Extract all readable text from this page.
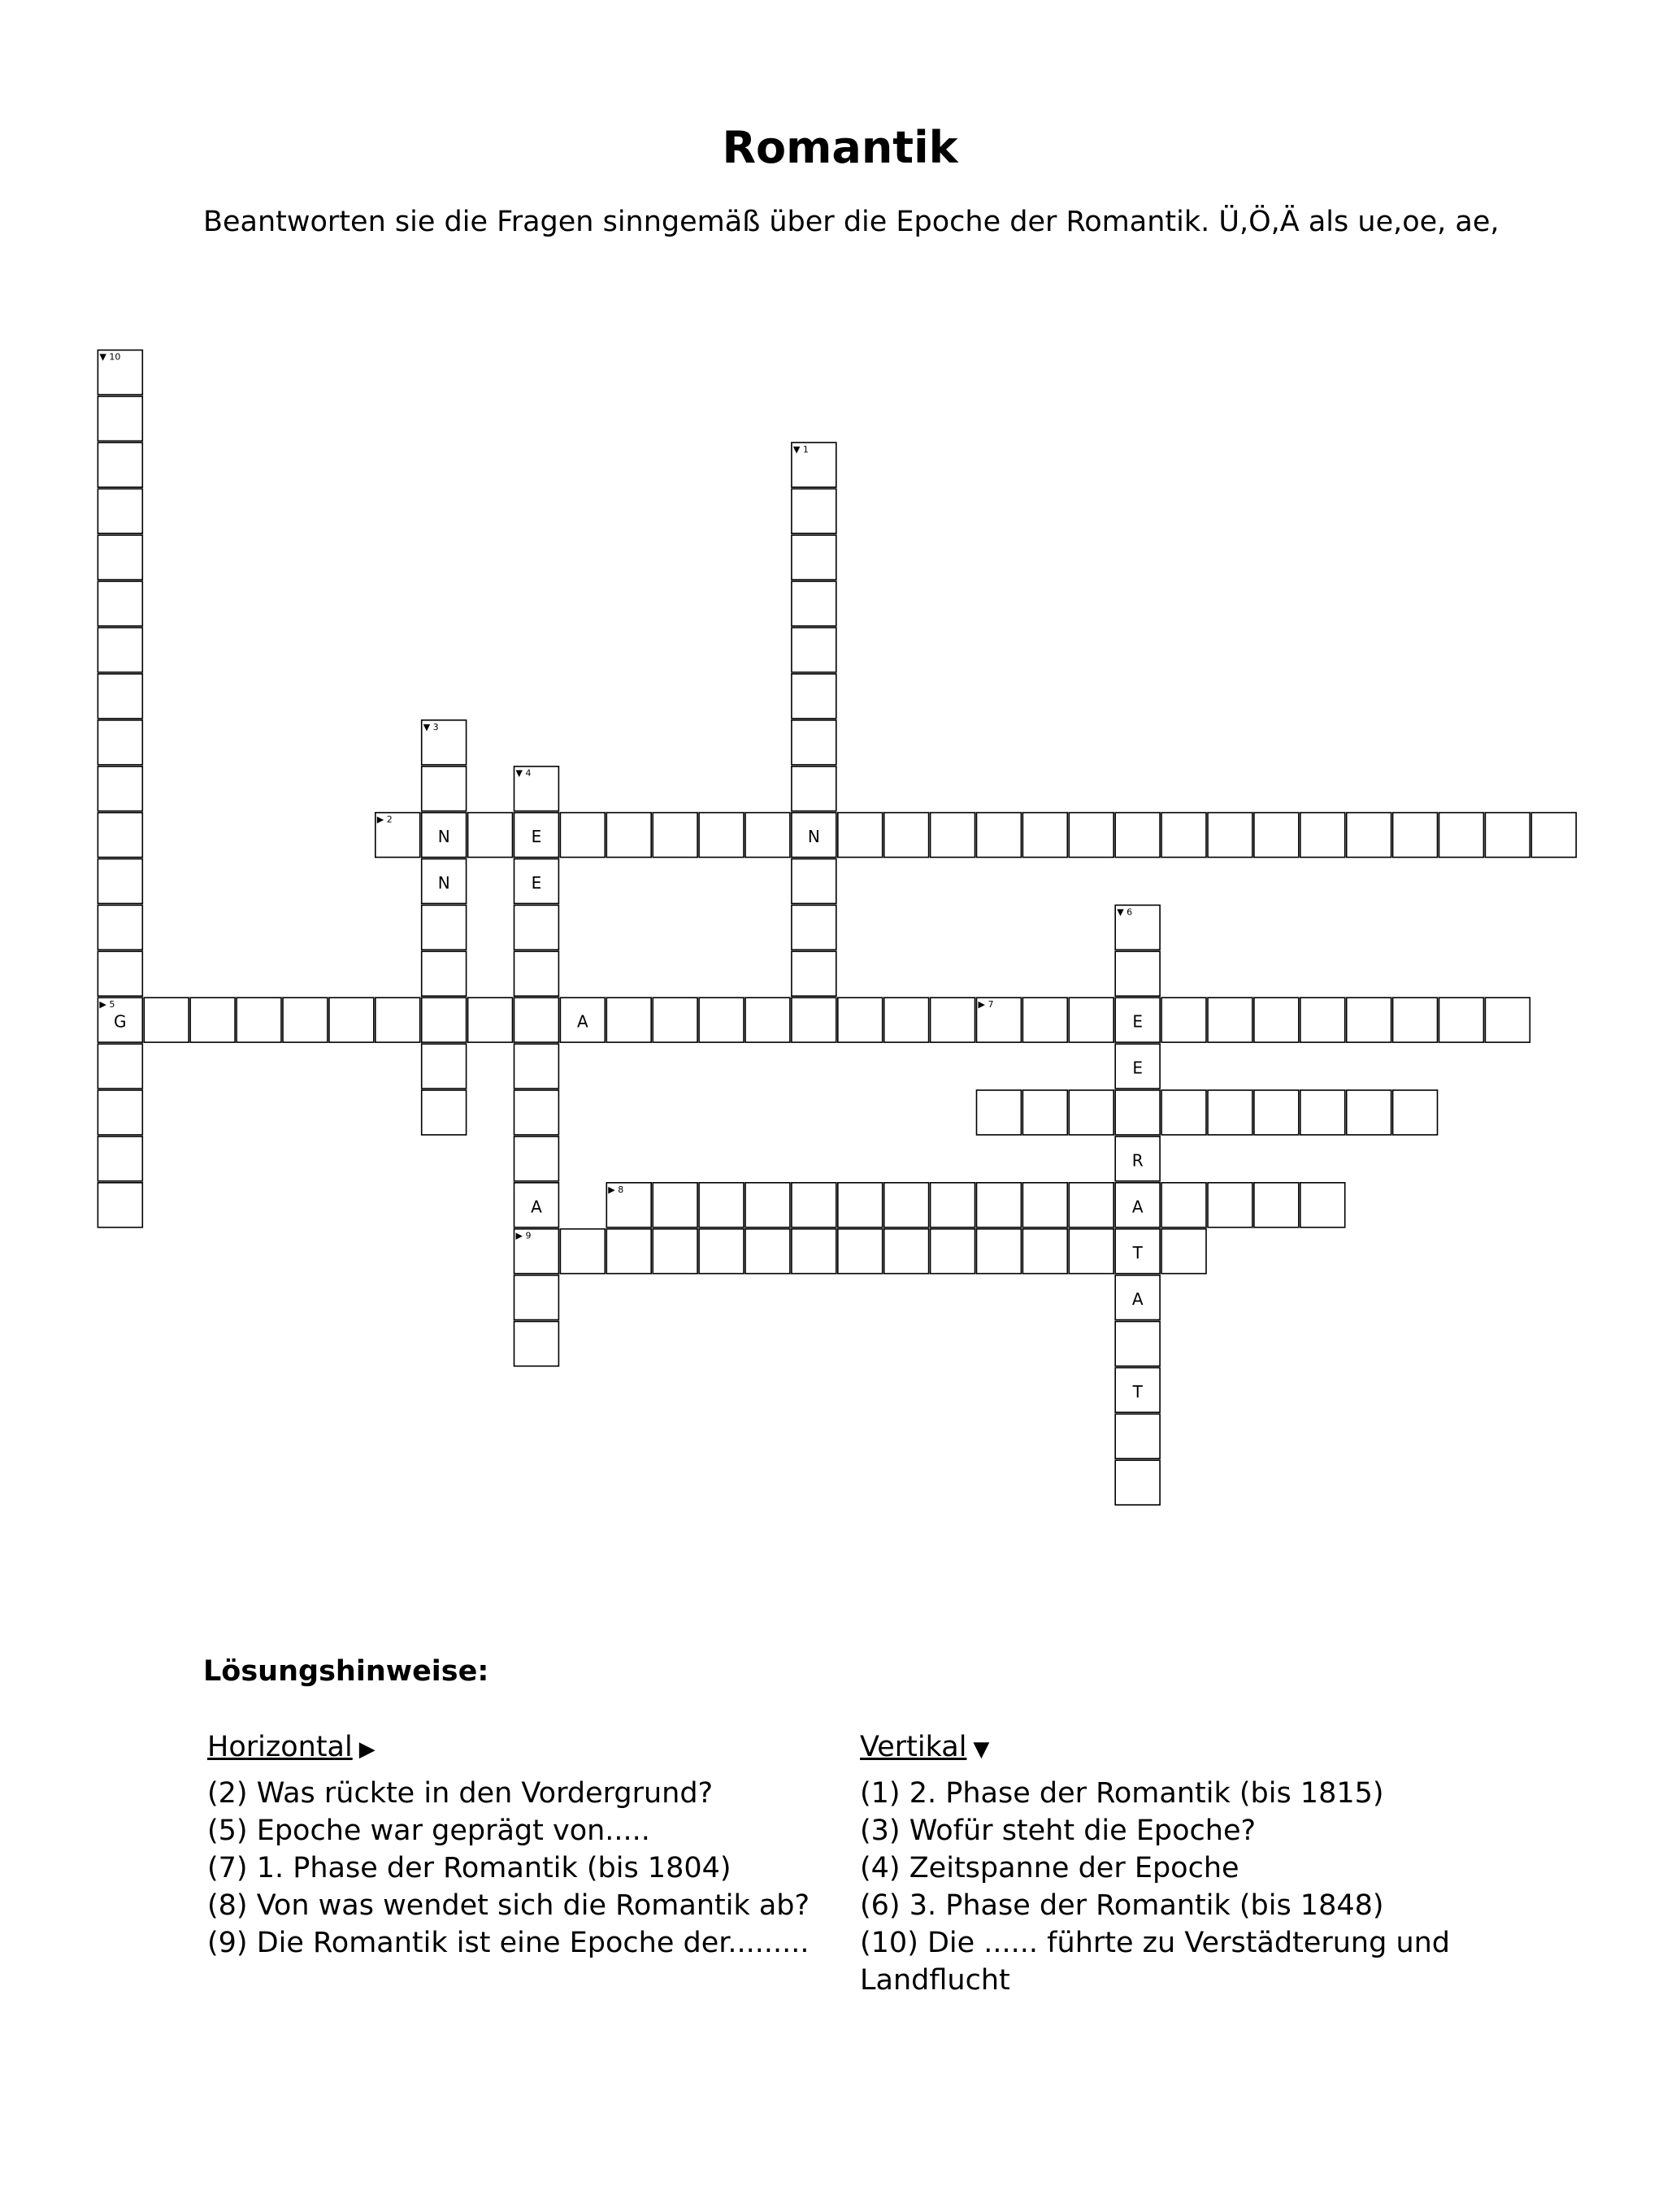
Romantik
Beantworten sie die Fragen sinngemäß über die Epoche der Romantik. Ü,Ö,Ä als ue,oe, ae,
▼ 1
N
▶ 2
N	E
▼ 3
N
▼ 4
E
A
▶ 9
G
▶ 5
A
▼ 6
E
E
R
A
T
A
T
▶ 7
▶ 8
▼ 10
Lösungshinweise:
Horizontal ▶
(2) Was rückte in den Vordergrund?
(5) Epoche war geprägt von.....
(7) 1. Phase der Romantik (bis 1804)
(8) Von was wendet sich die Romantik ab?
(9) Die Romantik ist eine Epoche der.........
Vertikal ▼
(1) 2. Phase der Romantik (bis 1815)
(3) Wofür steht die Epoche?
(4) Zeitspanne der Epoche
(6) 3. Phase der Romantik (bis 1848)
(10) Die ...... führte zu Verstädterung und Landflucht
